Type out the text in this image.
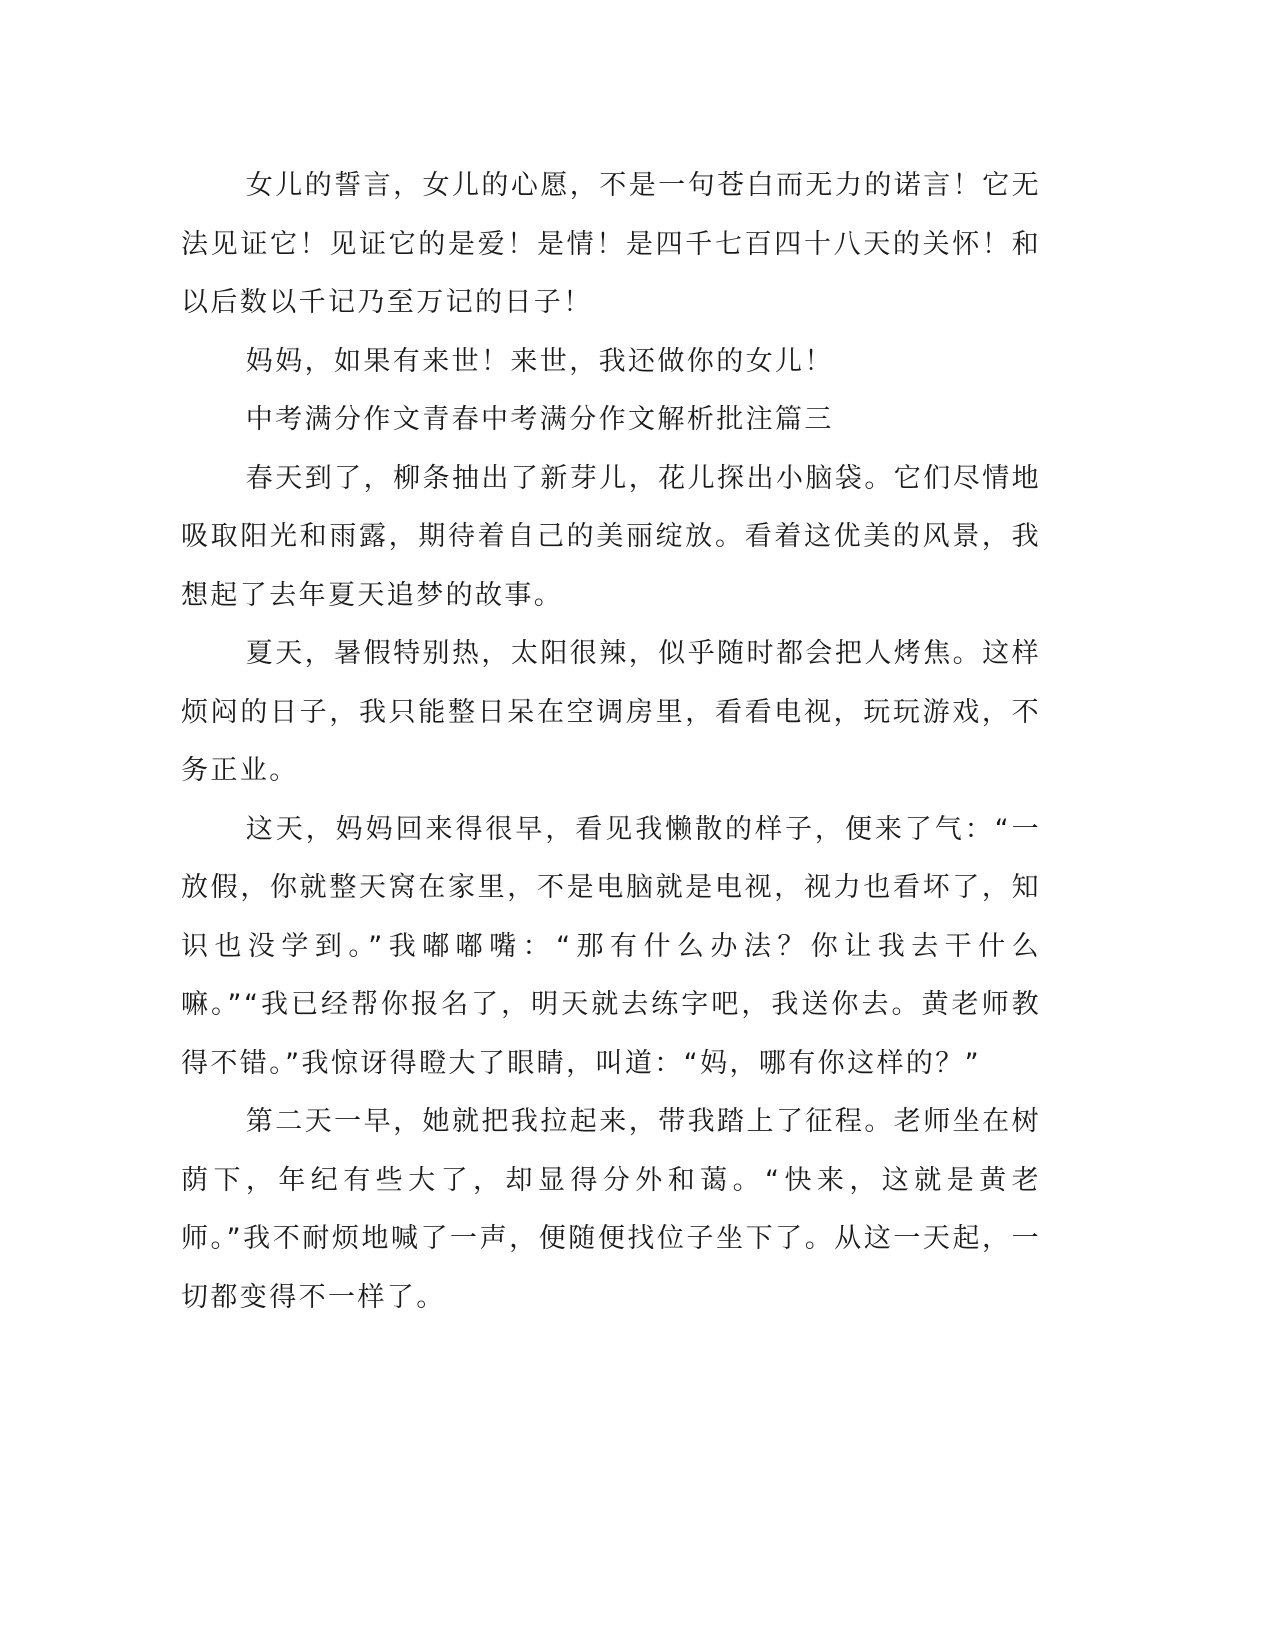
女儿的誓言，女儿的心愿，不是一句苍白而无力的诺言！它无法见证它！见证它的是爱！是情！是四千七百四十八天的关怀！和以后数以千记乃至万记的日子！

妈妈，如果有来世！来世，我还做你的女儿！

中考满分作文青春中考满分作文解析批注篇三

春天到了，柳条抽出了新芽儿，花儿探出小脑袋。它们尽情地吸取阳光和雨露，期待着自己的美丽绽放。看着这优美的风景，我想起了去年夏天追梦的故事。

夏天，暑假特别热，太阳很辣，似乎随时都会把人烤焦。这样烦闷的日子，我只能整日呆在空调房里，看看电视，玩玩游戏，不务正业。

这天，妈妈回来得很早，看见我懒散的样子，便来了气：“一放假，你就整天窝在家里，不是电脑就是电视，视力也看坏了，知识也没学到。”我嘟嘟嘴：“那有什么办法？你让我去干什么嘛。”“我已经帮你报名了，明天就去练字吧，我送你去。黄老师教得不错。”我惊讶得瞪大了眼睛，叫道：“妈，哪有你这样的？”

第二天一早，她就把我拉起来，带我踏上了征程。老师坐在树荫下，年纪有些大了，却显得分外和蔼。“快来，这就是黄老师。”我不耐烦地喊了一声，便随便找位子坐下了。从这一天起，一切都变得不一样了。
